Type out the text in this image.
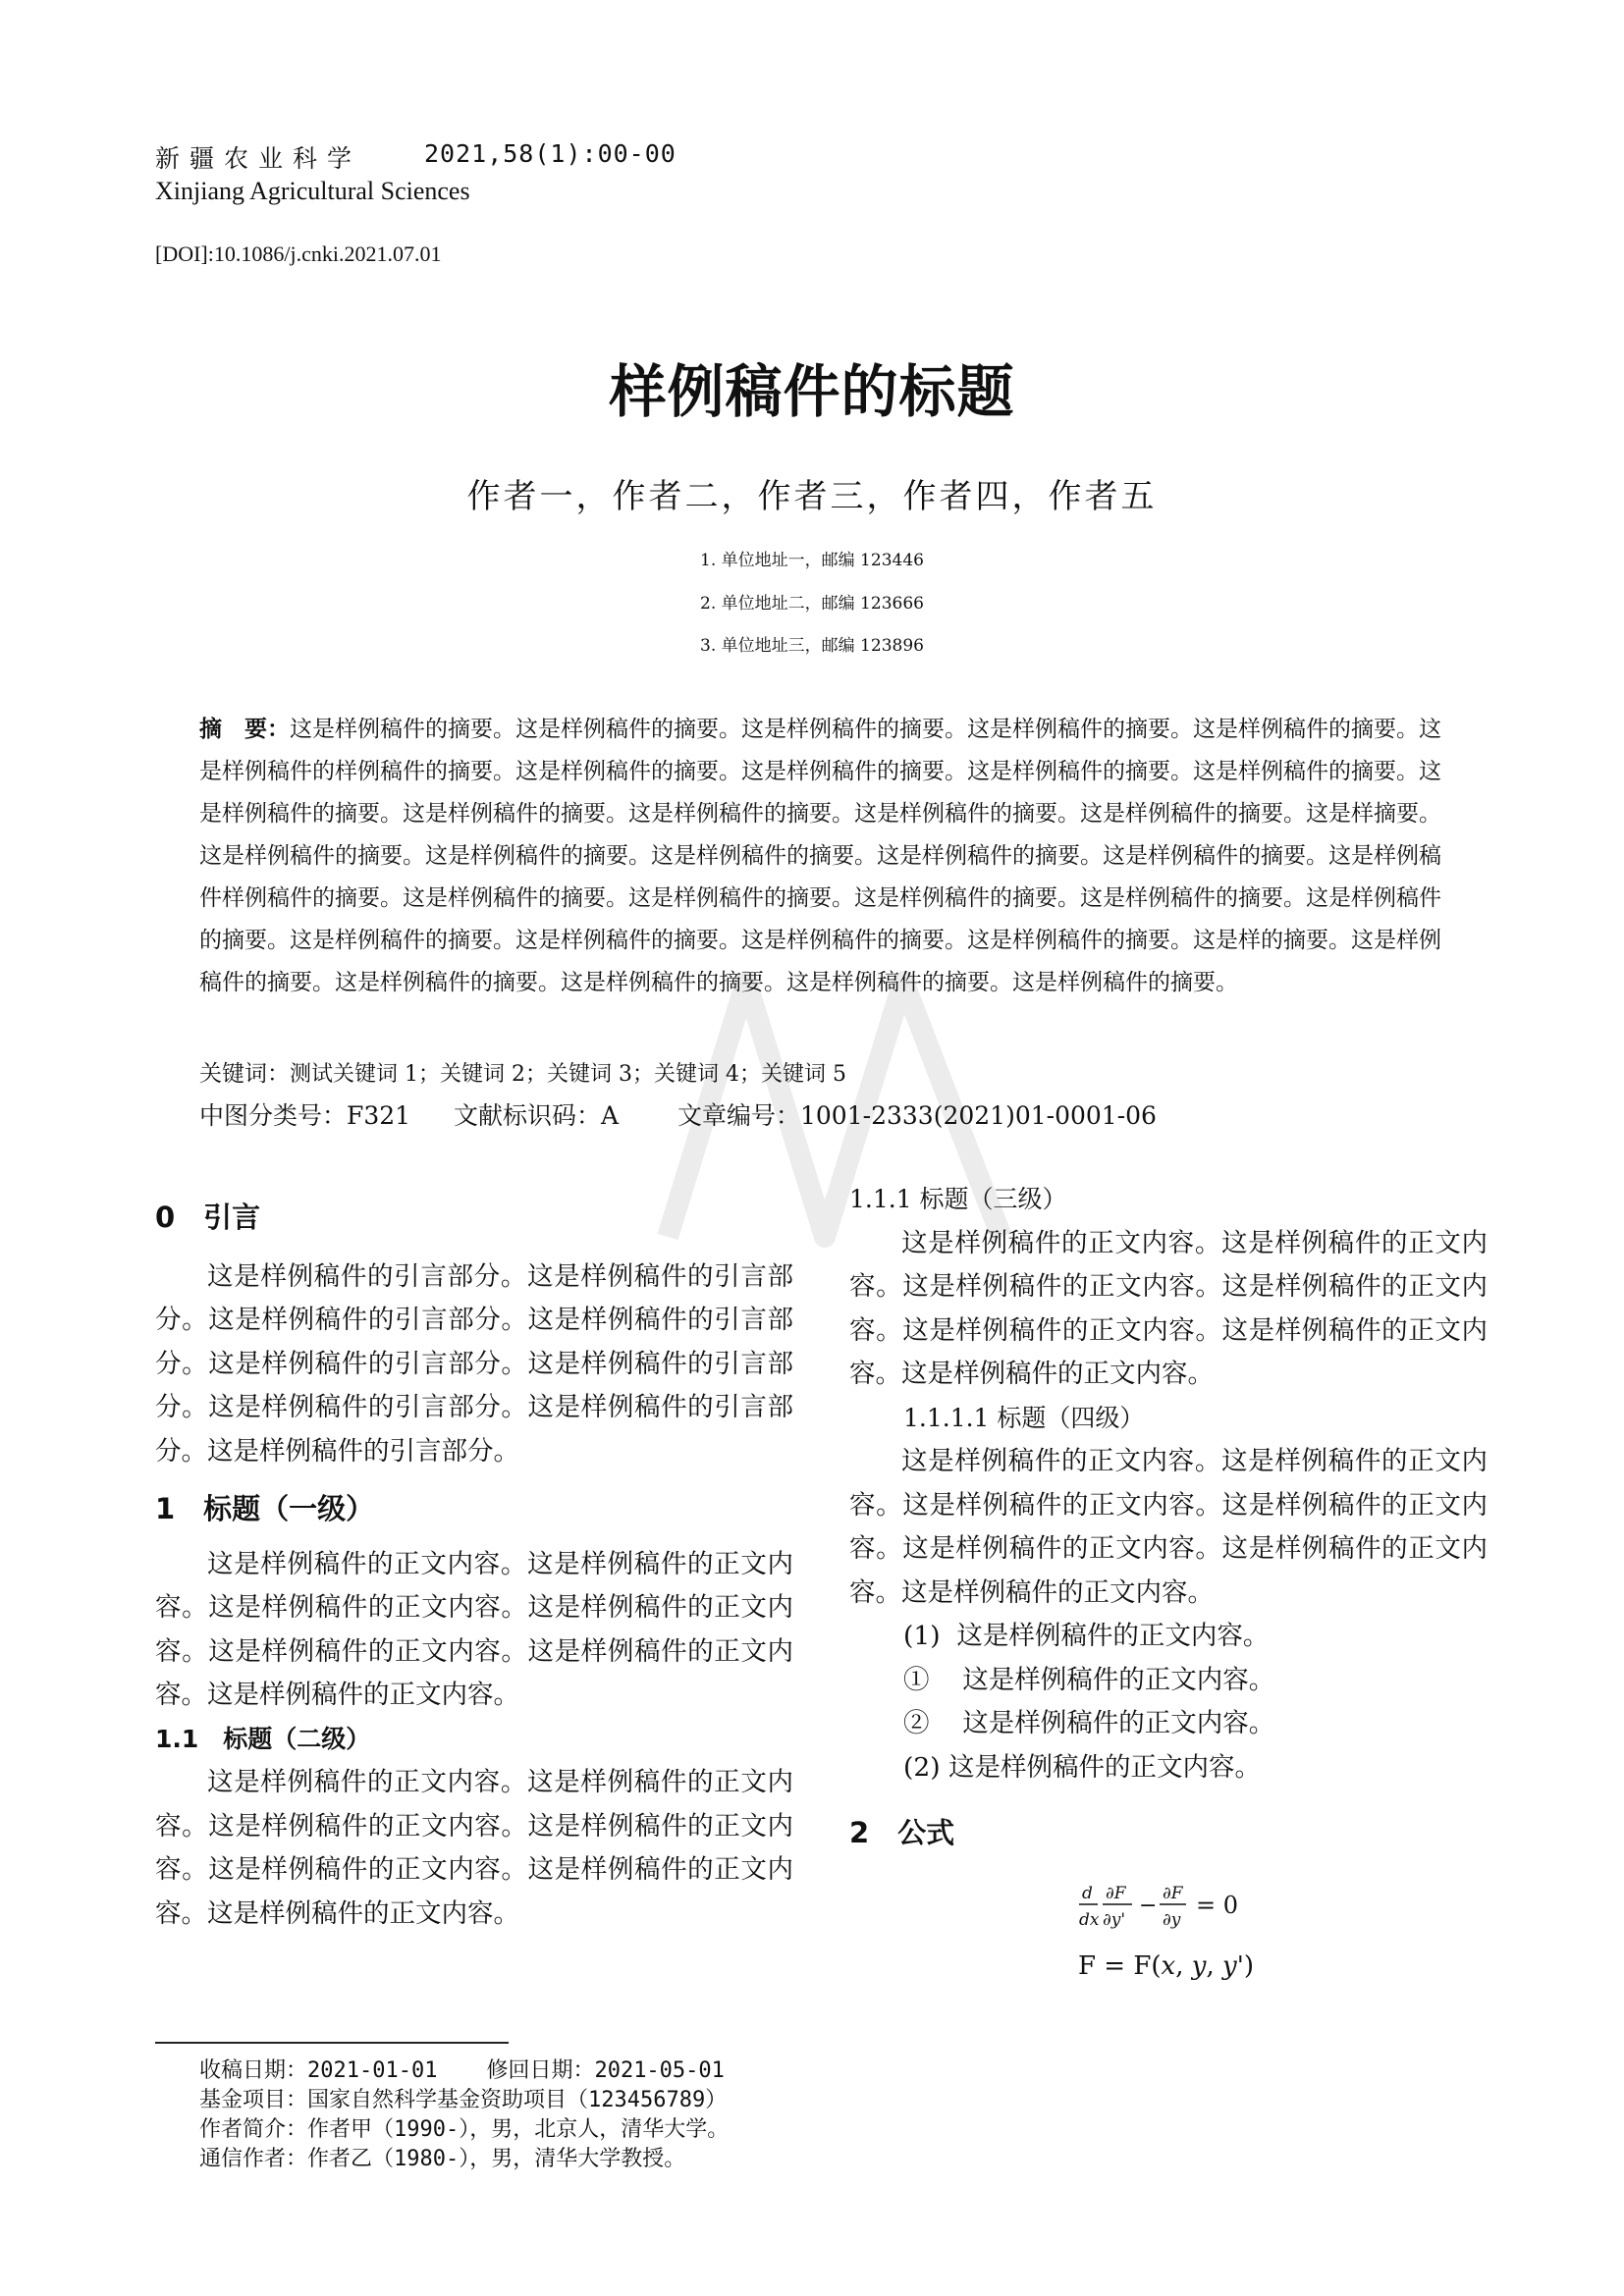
新疆农业科学	2021,58(1):00-00
Xinjiang Agricultural Sciences
[DOI]:10.1086/j.cnki.2021.07.01
样例稿件的标题
作者一，作者二，作者三，作者四，作者五
1. 单位地址一，邮编 123446
2. 单位地址二，邮编 123666
3. 单位地址三，邮编 123896
摘　要：这是样例稿件的摘要。这是样例稿件的摘要。这是样例稿件的摘要。这是样例稿件的摘要。这是样例稿件的摘要。这是样例稿件的样例稿件的摘要。这是样例稿件的摘要。这是样例稿件的摘要。这是样例稿件的摘要。这是样例稿件的摘要。这是样例稿件的摘要。这是样例稿件的摘要。这是样例稿件的摘要。这是样例稿件的摘要。这是样例稿件的摘要。这是样摘要。这是样例稿件的摘要。这是样例稿件的摘要。这是样例稿件的摘要。这是样例稿件的摘要。这是样例稿件的摘要。这是样例稿件样例稿件的摘要。这是样例稿件的摘要。这是样例稿件的摘要。这是样例稿件的摘要。这是样例稿件的摘要。这是样例稿件的摘要。这是样例稿件的摘要。这是样例稿件的摘要。这是样例稿件的摘要。这是样例稿件的摘要。这是样的摘要。这是样例稿件的摘要。这是样例稿件的摘要。这是样例稿件的摘要。这是样例稿件的摘要。这是样例稿件的摘要。
关键词：测试关键词 1；关键词 2；关键词 3；关键词 4；关键词 5
中图分类号：F321 文献标识码：A 文章编号：1001-2333(2021)01-0001-06
0　引言

这是样例稿件的引言部分。这是样例稿件的引言部分。这是样例稿件的引言部分。这是样例稿件的引言部分。这是样例稿件的引言部分。这是样例稿件的引言部分。这是样例稿件的引言部分。这是样例稿件的引言部分。这是样例稿件的引言部分。

1　标题（一级）

这是样例稿件的正文内容。这是样例稿件的正文内容。这是样例稿件的正文内容。这是样例稿件的正文内容。这是样例稿件的正文内容。这是样例稿件的正文内容。这是样例稿件的正文内容。

1.1　标题（二级）

这是样例稿件的正文内容。这是样例稿件的正文内容。这是样例稿件的正文内容。这是样例稿件的正文内容。这是样例稿件的正文内容。这是样例稿件的正文内容。这是样例稿件的正文内容。

1.1.1 标题（三级）

这是样例稿件的正文内容。这是样例稿件的正文内容。这是样例稿件的正文内容。这是样例稿件的正文内容。这是样例稿件的正文内容。这是样例稿件的正文内容。这是样例稿件的正文内容。

1.1.1.1 标题（四级）

这是样例稿件的正文内容。这是样例稿件的正文内容。这是样例稿件的正文内容。这是样例稿件的正文内容。这是样例稿件的正文内容。这是样例稿件的正文内容。这是样例稿件的正文内容。

(1) 这是样例稿件的正文内容。
① 这是样例稿件的正文内容。
② 这是样例稿件的正文内容。
(2) 这是样例稿件的正文内容。
2　公式
d
dx
∂F
∂y'
− ∂F
∂y
= 0
F = F(x, y, y')
收稿日期：2021-01-01 修回日期：2021-05-01
基金项目：国家自然科学基金资助项目（123456789）
作者简介：作者甲（1990-），男，北京人，清华大学。
通信作者：作者乙（1980-），男，清华大学教授。
